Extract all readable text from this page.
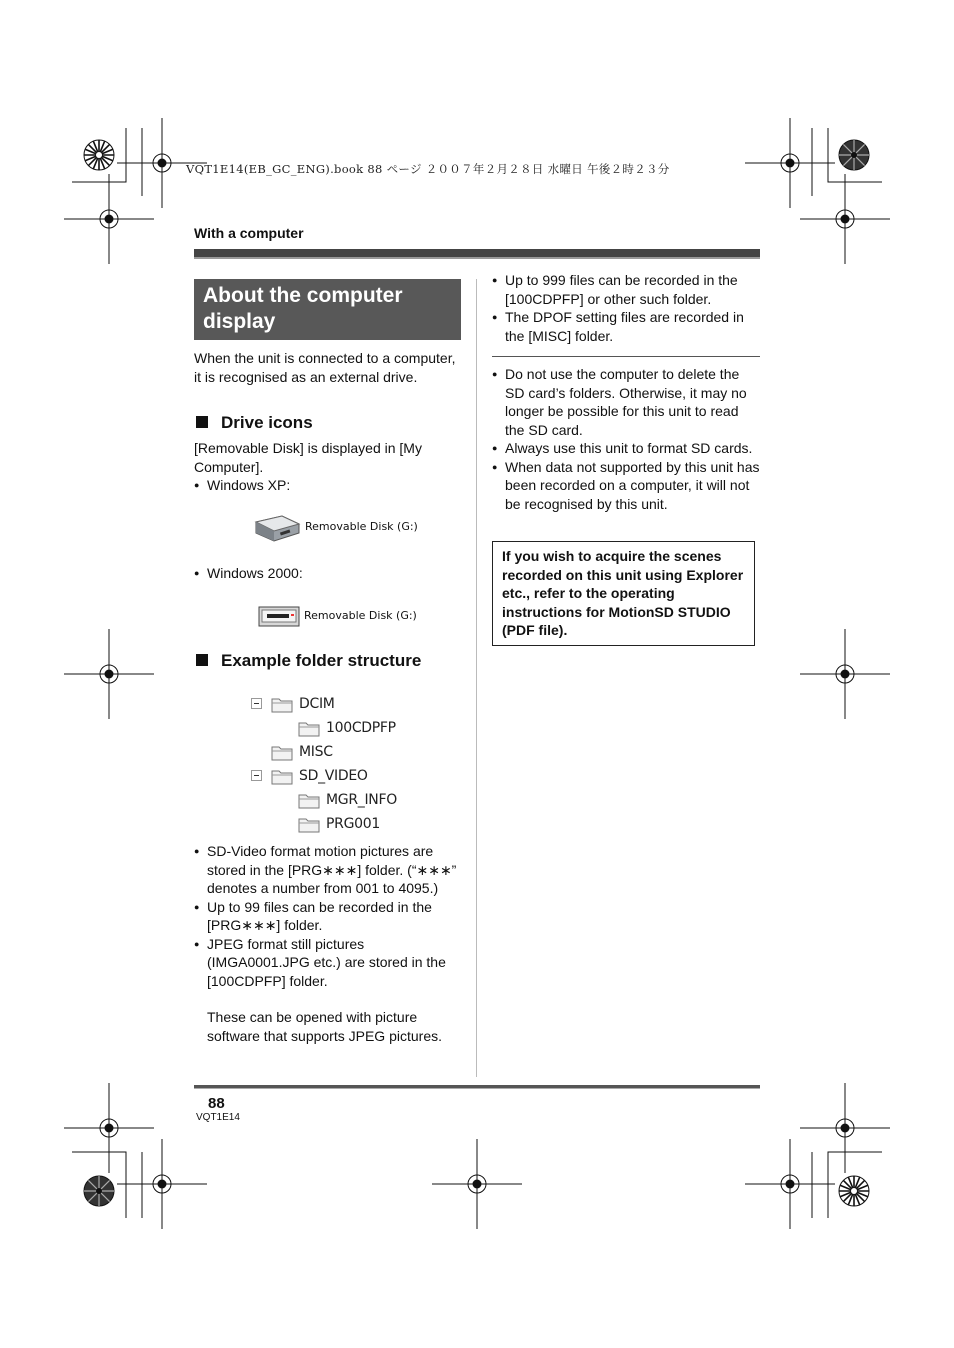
VQT1E14(EB_GC_ENG).book 88 ページ ２００７年２月２８日 水曜日 午後２時２３分
With a computer
About the computer display
When the unit is connected to a computer, it is recognised as an external drive.
Drive icons
[Removable Disk] is displayed in [My Computer].
● Windows XP:
Removable Disk (G:)
● Windows 2000:
Removable Disk (G:)
Example folder structure
DCIM
100CDPFP
MISC
SD_VIDEO
MGR_INFO
PRG001
● SD-Video format motion pictures are stored in the [PRG∗∗∗] folder. (“∗∗∗” denotes a number from 001 to 4095.)
● Up to 99 files can be recorded in the [PRG∗∗∗] folder.
● JPEG format still pictures (IMGA0001.JPG etc.) are stored in the [100CDPFP] folder.
These can be opened with picture software that supports JPEG pictures.
● Up to 999 files can be recorded in the [100CDPFP] or other such folder.
● The DPOF setting files are recorded in the [MISC] folder.
● Do not use the computer to delete the SD card’s folders. Otherwise, it may no longer be possible for this unit to read the SD card.
● Always use this unit to format SD cards.
● When data not supported by this unit has been recorded on a computer, it will not be recognised by this unit.
If you wish to acquire the scenes recorded on this unit using Explorer etc., refer to the operating instructions for MotionSD STUDIO (PDF file).
88
VQT1E14
